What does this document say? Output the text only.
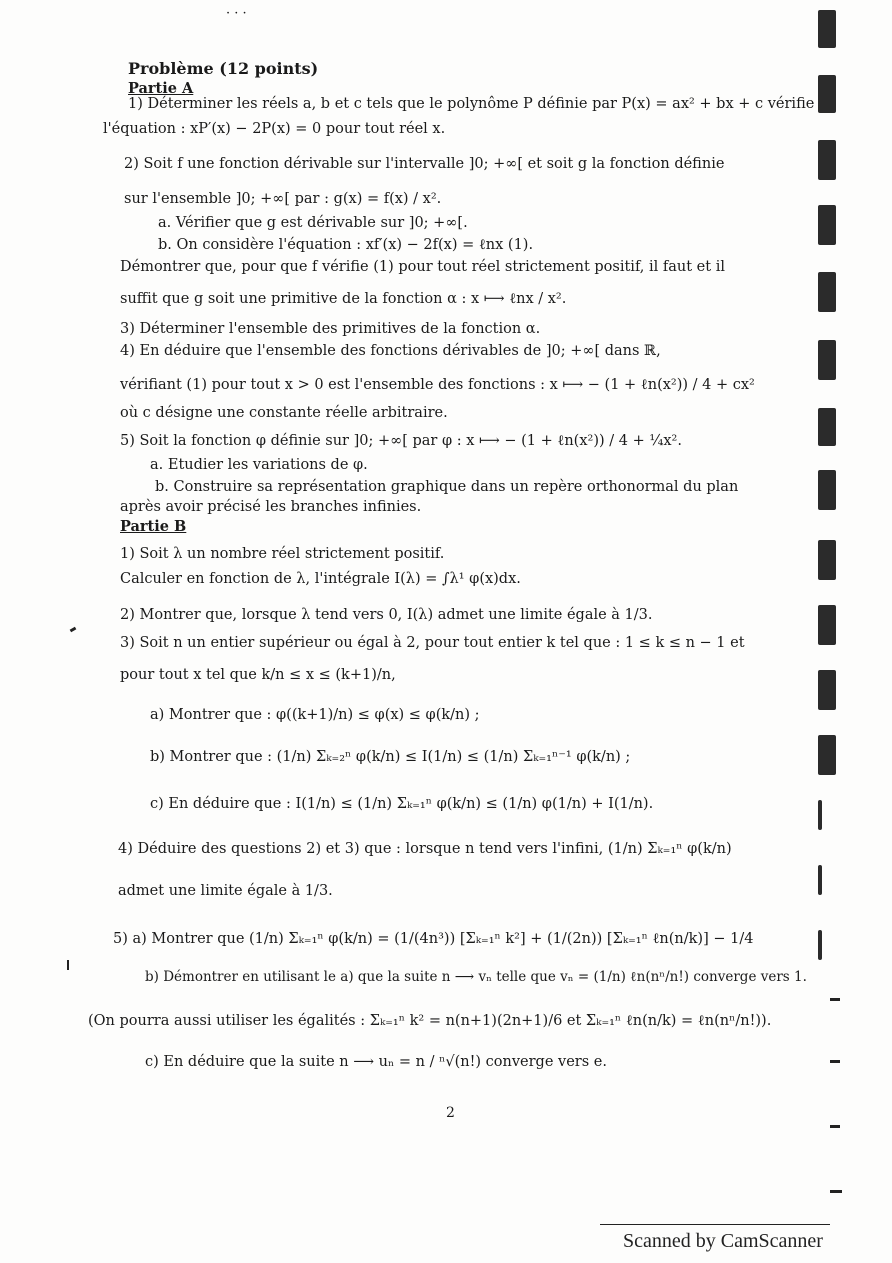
· · ·
Problème (12 points)
Partie A
1) Déterminer les réels a, b et c tels que le polynôme P définie par P(x) = ax² + bx + c vérifie
l'équation : xP′(x) − 2P(x) = 0 pour tout réel x.
2) Soit f une fonction dérivable sur l'intervalle ]0; +∞[ et soit g la fonction définie
sur l'ensemble ]0; +∞[ par : g(x) = f(x) / x².
a. Vérifier que g est dérivable sur ]0; +∞[.
b. On considère l'équation : xf′(x) − 2f(x) = ℓnx (1).
Démontrer que, pour que f vérifie (1) pour tout réel strictement positif, il faut et il
suffit que g soit une primitive de la fonction α : x ⟼ ℓnx / x².
3) Déterminer l'ensemble des primitives de la fonction α.
4) En déduire que l'ensemble des fonctions dérivables de ]0; +∞[ dans ℝ,
vérifiant (1) pour tout x > 0 est l'ensemble des fonctions : x ⟼ − (1 + ℓn(x²)) / 4 + cx²
où c désigne une constante réelle arbitraire.
5) Soit la fonction φ définie sur ]0; +∞[ par φ : x ⟼ − (1 + ℓn(x²)) / 4 + ¼x².
a. Etudier les variations de φ.
b. Construire sa représentation graphique dans un repère orthonormal du plan
après avoir précisé les branches infinies.
Partie B
1) Soit λ un nombre réel strictement positif.
Calculer en fonction de λ, l'intégrale I(λ) = ∫λ¹ φ(x)dx.
2) Montrer que, lorsque λ tend vers 0, I(λ) admet une limite égale à 1/3.
3) Soit n un entier supérieur ou égal à 2, pour tout entier k tel que : 1 ≤ k ≤ n − 1 et
pour tout x tel que k/n ≤ x ≤ (k+1)/n,
a) Montrer que : φ((k+1)/n) ≤ φ(x) ≤ φ(k/n) ;
b) Montrer que : (1/n) Σₖ₌₂ⁿ φ(k/n) ≤ I(1/n) ≤ (1/n) Σₖ₌₁ⁿ⁻¹ φ(k/n) ;
c) En déduire que : I(1/n) ≤ (1/n) Σₖ₌₁ⁿ φ(k/n) ≤ (1/n) φ(1/n) + I(1/n).
4) Déduire des questions 2) et 3) que : lorsque n tend vers l'infini, (1/n) Σₖ₌₁ⁿ φ(k/n)
admet une limite égale à 1/3.
5) a) Montrer que (1/n) Σₖ₌₁ⁿ φ(k/n) = (1/(4n³)) [Σₖ₌₁ⁿ k²] + (1/(2n)) [Σₖ₌₁ⁿ ℓn(n/k)] − 1/4
b) Démontrer en utilisant le a) que la suite n ⟶ vₙ telle que vₙ = (1/n) ℓn(nⁿ/n!) converge vers 1.
(On pourra aussi utiliser les égalités : Σₖ₌₁ⁿ k² = n(n+1)(2n+1)/6 et Σₖ₌₁ⁿ ℓn(n/k) = ℓn(nⁿ/n!)).
c) En déduire que la suite n ⟶ uₙ = n / ⁿ√(n!) converge vers e.
2
Scanned by CamScanner
